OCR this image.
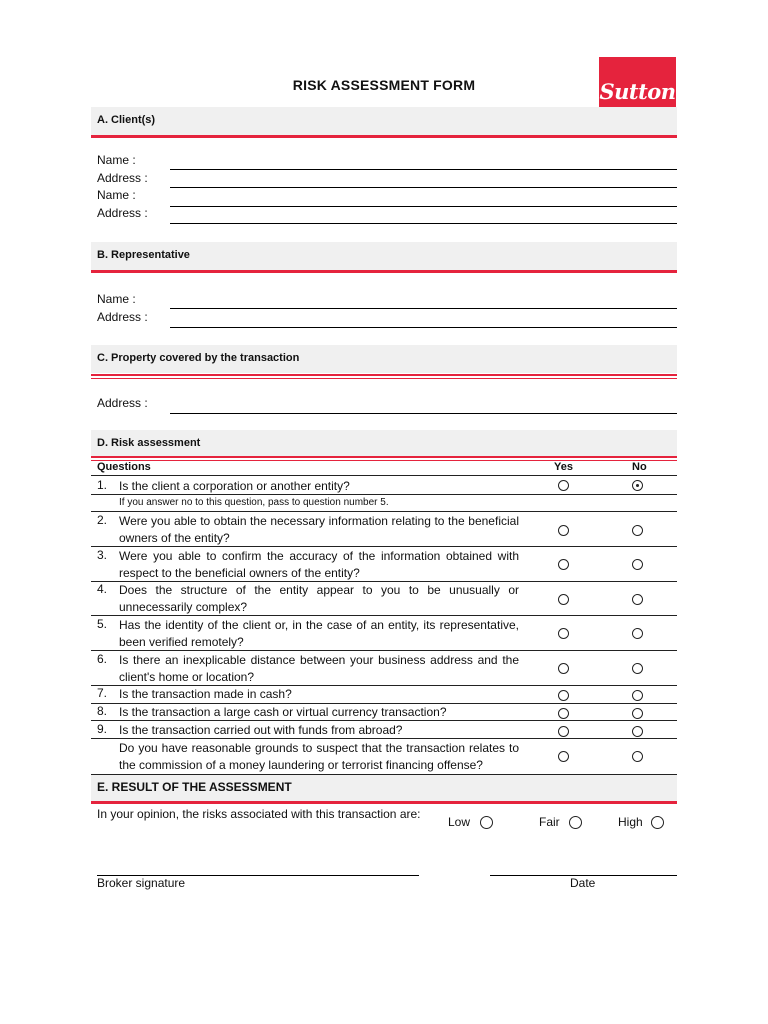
RISK ASSESSMENT FORM	Sutton
A. Client(s)
Name :
Address :
Name :
Address :
B. Representative
Name :
Address :
C. Property covered by the transaction
Address :
D. Risk assessment
Questions	Yes	No
1. Is the client a corporation or another entity?
If you answer no to this question, pass to question number 5.
2. Were you able to obtain the necessary information relating to the beneficial owners of the entity?
3. Were you able to confirm the accuracy of the information obtained with respect to the beneficial owners of the entity?
4. Does the structure of the entity appear to you to be unusually or unnecessarily complex?
5. Has the identity of the client or, in the case of an entity, its representative, been verified remotely?
6. Is there an inexplicable distance between your business address and the client's home or location?
7. Is the transaction made in cash?
8. Is the transaction a large cash or virtual currency transaction?
9. Is the transaction carried out with funds from abroad?
Do you have reasonable grounds to suspect that the transaction relates to the commission of a money laundering or terrorist financing offense?
E. RESULT OF THE ASSESSMENT
In your opinion, the risks associated with this transaction are:
Low	Fair	High
Broker signature	Date
